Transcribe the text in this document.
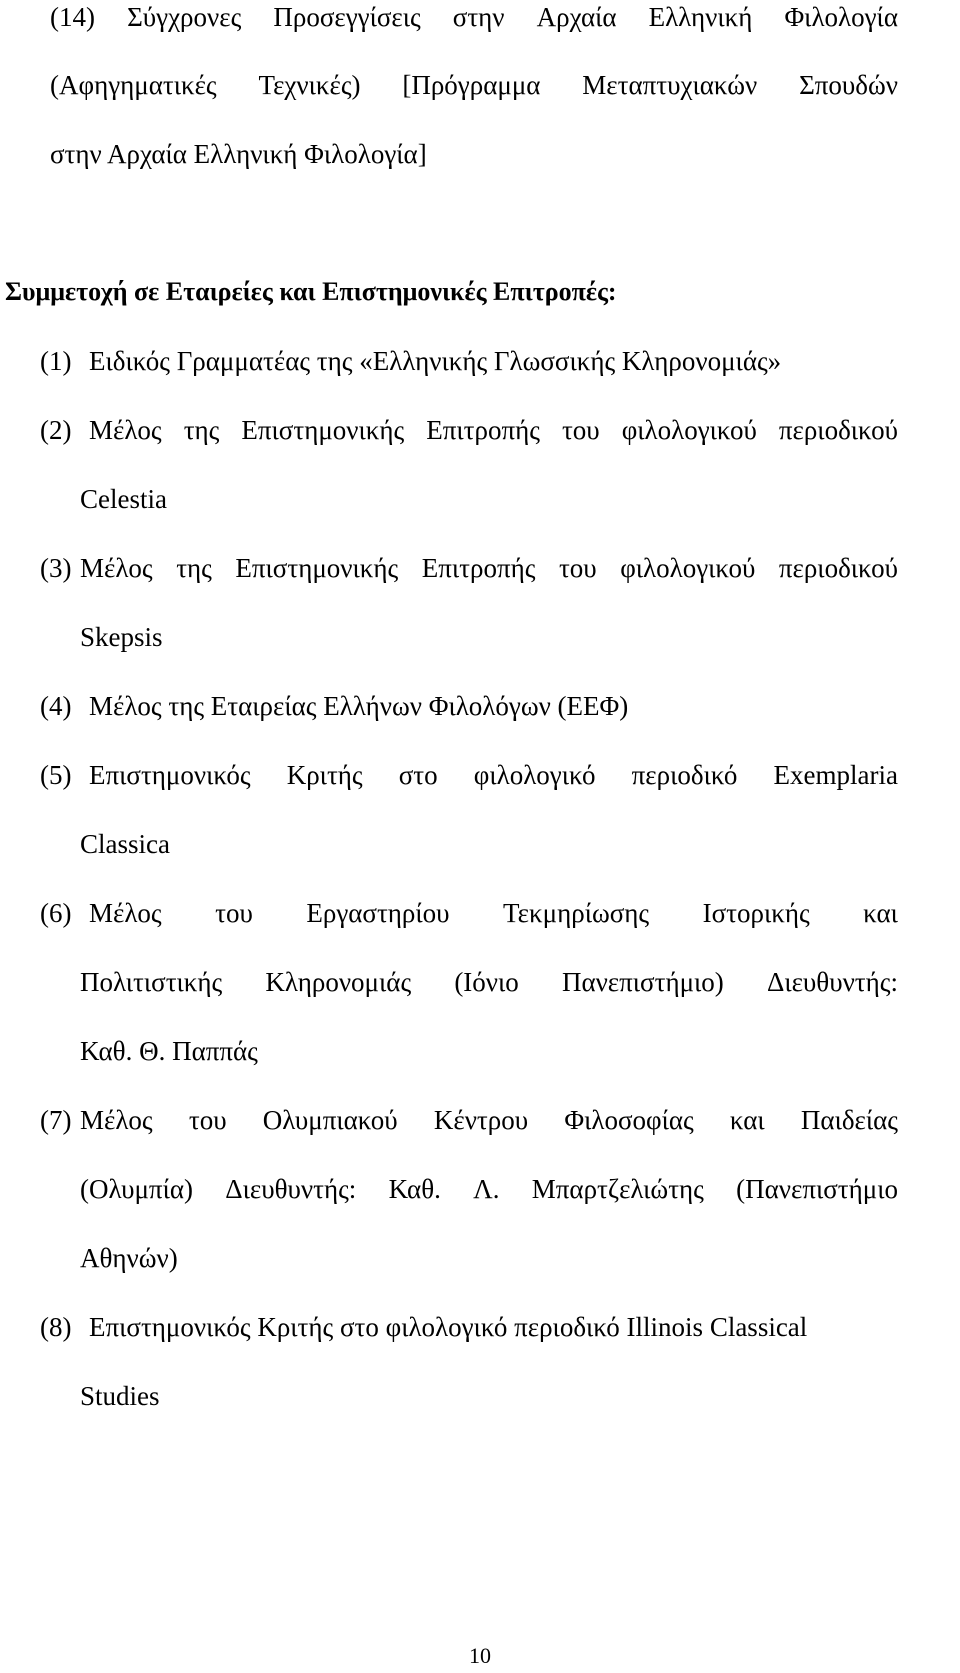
(14) Σύγχρονες Προσεγγίσεις στην Αρχαία Ελληνική Φιλολογία

(Αφηγηματικές Τεχνικές) [Πρόγραμμα Μεταπτυχιακών Σπουδών

στην Αρχαία Ελληνική Φιλολογία]

Συμμετοχή σε Εταιρείες και Επιστημονικές Επιτροπές:

(1) Ειδικός Γραμματέας της «Ελληνικής Γλωσσικής Κληρονομιάς»

(2) Μέλος της Επιστημονικής Επιτροπής του φιλολογικού περιοδικού

Celestia

(3) Μέλος της Επιστημονικής Επιτροπής του φιλολογικού περιοδικού

Skepsis

(4) Μέλος της Εταιρείας Ελλήνων Φιλολόγων (ΕΕΦ)

(5) Επιστημονικός Κριτής στο φιλολογικό περιοδικό Exemplaria

Classica

(6) Μέλος του Εργαστηρίου Τεκμηρίωσης Ιστορικής και

Πολιτιστικής Κληρονομιάς (Ιόνιο Πανεπιστήμιο) Διευθυντής:

Καθ. Θ. Παππάς

(7) Μέλος του Ολυμπιακού Κέντρου Φιλοσοφίας και Παιδείας

(Ολυμπία) Διευθυντής: Καθ. Λ. Μπαρτζελιώτης (Πανεπιστήμιο

Αθηνών)

(8) Επιστημονικός Κριτής στο φιλολογικό περιοδικό Illinois Classical

Studies

10
